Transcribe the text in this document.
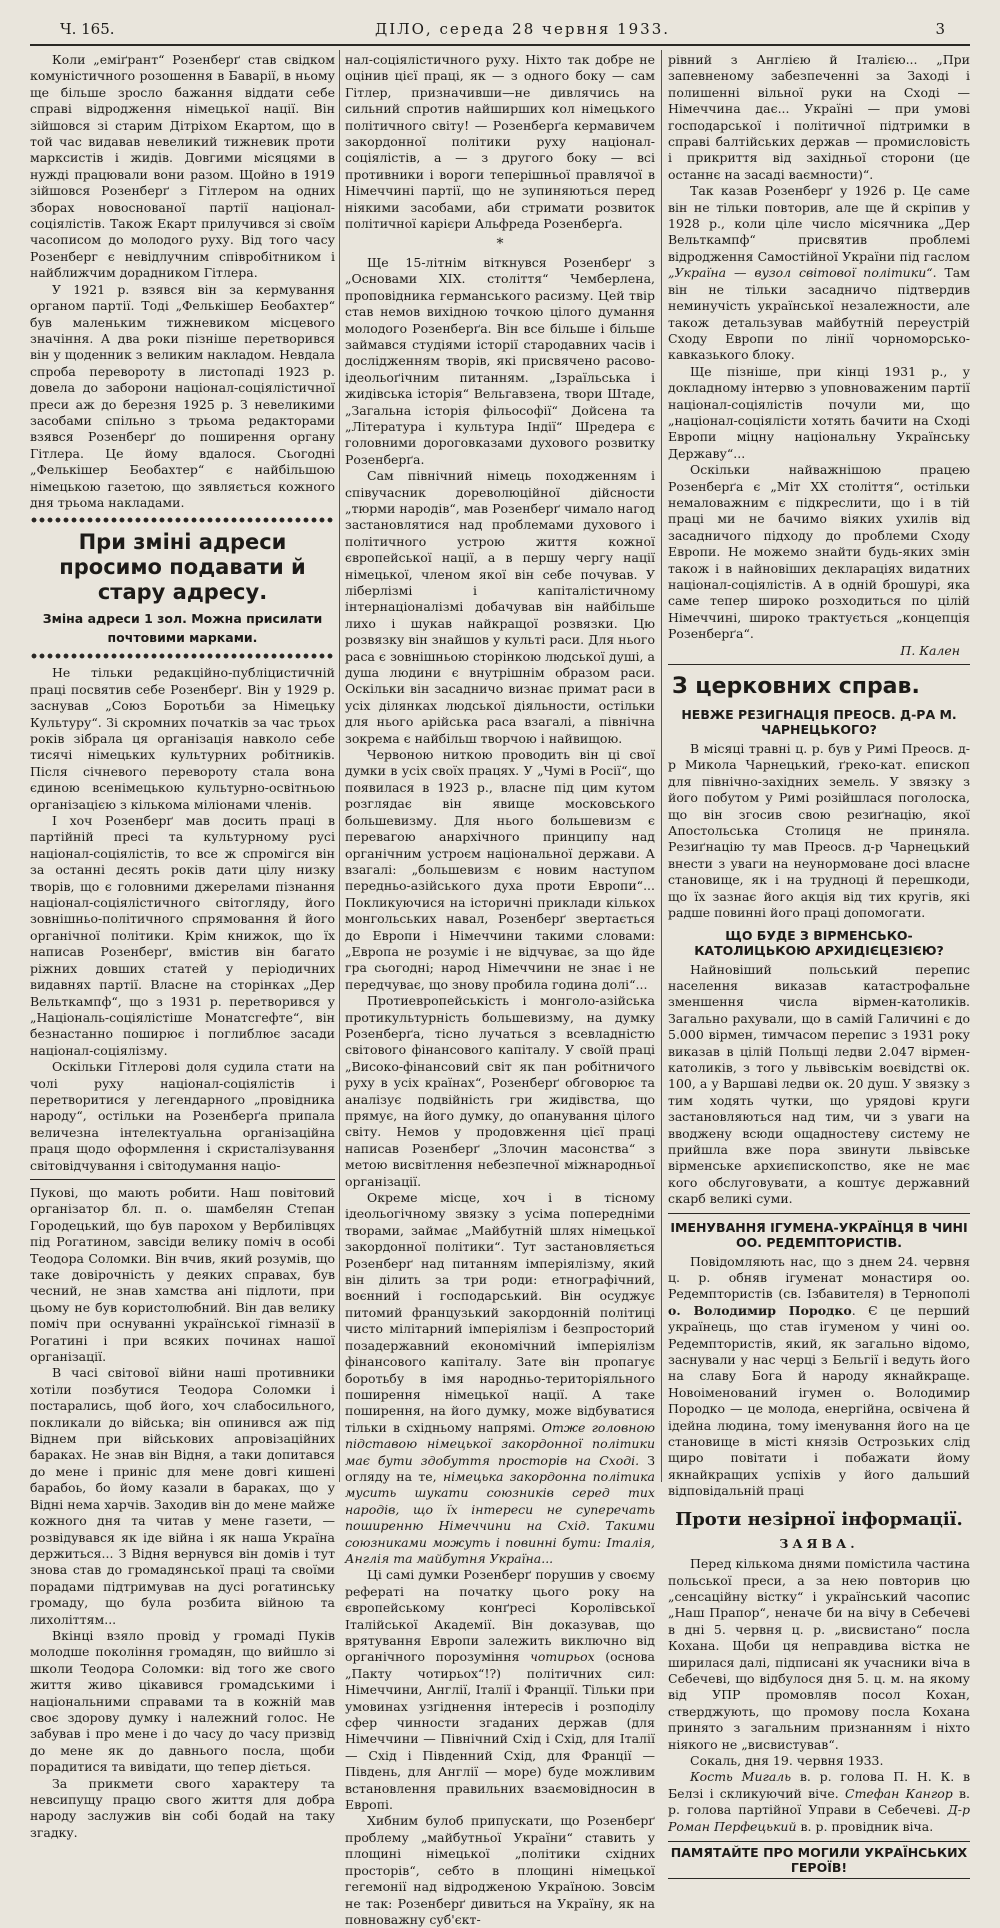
Ч. 165.	ДІЛО, середа 28 червня 1933.	3

Коли „еміґрант“ Розенберґ став свідком комуністичного розошення в Баварії, в ньому ще більше зросло бажання віддати себе справі відродження німецької нації. Він зійшовся зі старим Дітріхом Екартом, що в той час видавав невеликий тижневик проти марксистів і жидів. Довгими місяцями в нужді працювали вони разом. Щойно в 1919 зійшовся Розенберґ з Гітлером на одних зборах новоснованої партії націонал-соціялістів. Також Екарт прилучився зі своїм часописом до молодого руху. Від того часу Розенберг є невідлучним співробітником і найближчим дорадником Гітлера.

У 1921 р. взявся він за кермування органом партії. Тоді „Фелькішер Беобахтер“ був маленьким тижневиком місцевого значіння. А два роки пізніше перетворився він у щоденник з великим накладом. Невдала спроба перевороту в листопаді 1923 р. довела до заборони націонал-соціялістичної преси аж до березня 1925 р. З невеликими засобами спільно з трьома редакторами взявся Розенберґ до поширення органу Гітлера. Це йому вдалося. Сьогодні „Фелькішер Беобахтер“ є найбільшою німецькою газетою, що зявляється кожного дня трьома накладами.

При зміні адреси просимо подавати й стару адресу.
Зміна адреси 1 зол. Можна присилати почтовими марками.

Не тільки редакційно-публіцистичній праці посвятив себе Розенберґ. Він у 1929 р. заснував „Союз Боротьби за Німецьку Культуру“. Зі скромних початків за час трьох років зібрала ця організація навколо себе тисячі німецьких культурних робітників. Після січневого перевороту стала вона єдиною всенімецькою культурно-освітньою організацією з кількома міліонами членів.

І хоч Розенберґ мав досить праці в партійній пресі та культурному русі націонал-соціялістів, то все ж спромігся він за останні десять років дати цілу низку творів, що є головними джерелами пізнання націонал-соціялістичного світогляду, його зовнішньо-політичного спрямовання й його органічної політики. Крім книжок, що їх написав Розенберґ, вмістив він багато ріжних довших статей у періодичних видавнях партії. Власне на сторінках „Дер Вельткампф“, що з 1931 р. перетворився у „Національ-соціялістіше Монатсгефте“, він безнастанно поширює і поглиблює засади націонал-соціялізму.

Оскільки Гітлерові доля судила стати на чолі руху націонал-соціялістів і перетворитися у легендарного „провідника народу“, остільки на Розенберґа припала величезна інтелектуальна організаційна праця щодо оформлення і скристалізування світовідчування і світодумання націо-

Пукові, що мають робити. Наш повітовий організатор бл. п. о. шамбелян Степан Городецький, що був парохом у Вербилівцях під Рогатином, завсіди велику поміч в особі Теодора Соломки. Він вчив, який розумів, що таке довірочність у деяких справах, був чесний, не знав хамства ані підлоти, при цьому не був користолюбний. Він дав велику поміч при оснуванні української гімназії в Рогатині і при всяких починах нашої організації.

В часі світової війни наші противники хотіли позбутися Теодора Соломки і постарались, щоб його, хоч слабосильного, покликали до війська; він опинився аж під Віднем при військових апровізаційних бараках. Не знав він Відня, а таки допитався до мене і приніс для мене довгі кишені барабоь, бо йому казали в бараках, що у Відні нема харчів. Заходив він до мене майже кожного дня та читав у мене газети, — розвідувався як іде війна і як наша Україна держиться... З Відня вернувся він домів і тут знова став до громадянської праці та своїми порадами підтримував на дусі рогатинську громаду, що була розбита війною та лихоліттям...

Вкінці взяло провід у громаді Пуків молодше покоління громадян, що вийшло зі школи Теодора Соломки: від того же свого життя живо цікавився громадськими і національними справами та в кожній мав своє здорову думку і належний голос. Не забував і про мене і до часу до часу призвід до мене як до давнього посла, щоби порадитися та вивідати, що тепер діється.

За прикмети свого характеру та невсипущу працю свого життя для добра народу заслужив він собі бодай на таку згадку.

нал-соціялістичного руху. Ніхто так добре не оцінив цієї праці, як — з одного боку — сам Гітлер, призначивши—не дивлячись на сильний спротив найширших кол німецького політичного світу! — Розенберґа кермавичем закордонної політики руху націонал-соціялістів, а — з другого боку — всі противники і вороги теперішньої правлячої в Німеччині партії, що не зупиняються перед ніякими засобами, аби стримати розвиток політичної карієри Альфреда Розенберґа.

*

Ще 15-літнім віткнувся Розенберґ з „Основами XIX. століття“ Чемберлена, проповідника германського расизму. Цей твір став немов вихідною точкою цілого думання молодого Розенберґа. Він все більше і більше займався студіями історії стародавних часів і дослідженням творів, які присвячено расово-ідеольоґічним питанням. „Ізраїльська і жидівська історія“ Вельгавзена, твори Штаде, „Загальна історія фільософії“ Дойсена та „Література і культура Індії“ Шредера є головними дороговказами духового розвитку Розенберґа.

Сам північний німець походженням і співучасник дореволюційної дійсности „тюрми народів“, мав Розенберґ чимало нагод застановлятися над проблемами духового і політичного устрою життя кожної європейської нації, а в першу чергу нації німецької, членом якої він себе почував. У ліберлізмі і капіталістичному інтернаціоналізмі добачував він найбільше лихо і шукав найкращої розвязки. Цю розвязку він знайшов у культі раси. Для нього раса є зовнішньою сторінкою людської душі, а душа людини є внутрішнім образом раси. Оскільки він засадничо визнає примат раси в усіх ділянках людської діяльности, остільки для нього арійська раса взагалі, а північна зокрема є найбільш творчою і найвищою.

Червоною ниткою проводить він ці свої думки в усіх своїх працях. У „Чумі в Росії“, що появилася в 1923 р., власне під цим кутом розглядає він явище московського большевизму. Для нього большевизм є перевагою анархічного принципу над органічним устроєм національної держави. А взагалі: „большевизм є новим наступом передньо-азійського духа проти Европи“... Покликуючися на історичні приклади кількох монгольських навал, Розенберґ звертається до Европи і Німеччини такими словами: „Европа не розуміє і не відчуває, за що йде гра сьогодні; народ Німеччини не знає і не передчуває, що знову пробила година долі“...

Протиевропейськість і монголо-азійська протикультурність большевизму, на думку Розенберґа, тісно лучаться з всевладністю світового фінансового капіталу. У своїй праці „Високо-фінансовий світ як пан робітничого руху в усіх країнах“, Розенберґ обговорює та аналізує подвійність гри жидівства, що прямує, на його думку, до опанування цілого світу. Немов у продовження цієї праці написав Розенберґ „Злочин масонства“ з метою висвітлення небезпечної міжнародньої організації.

Окреме місце, хоч і в тісному ідеольогічному звязку з усіма попередніми творами, займає „Майбутній шлях німецької закордонної політики“. Тут застановляється Розенберґ над питанням імперіялізму, який він ділить за три роди: етнографічний, воєнний і господарський. Він осуджує питомий французький закордонній політиці чисто мілітарний імперіялізм і безпросторий позадержавний економічний імперіялізм фінансового капіталу. Зате він пропагує боротьбу в імя народньо-територіяльного поширення німецької нації. А таке поширення, на його думку, може відбуватися тільки в східньому напрямі. Отже головною підставою німецької закордонної політики має бути здобуття просторів на Сході. З огляду на те, німецька закордонна політика мусить шукати союзників серед тих народів, що їх інтереси не суперечать поширенню Німеччини на Схід. Такими союзниками можуть і повинні бути: Італія, Англія та майбутня Україна...

Ці самі думки Розенберґ порушив у своєму рефераті на початку цього року на європейському конґресі Королівської Італійської Академії. Він доказував, що врятування Европи залежить виключно від органічного порозуміння чотирьох (основа „Пакту чотирьох“!?) політичних сил: Німеччини, Англії, Італії і Франції. Тільки при умовинах узгіднення інтересів і розподілу сфер чинности згаданих держав (для Німеччини — Північний Схід і Схід, для Італії — Схід і Південний Схід, для Франції — Південь, для Англії — море) буде можливим встановлення правильних взаємовідносин в Европі.

Хибним булоб припускати, що Розенберґ проблему „майбутньої України“ ставить у площині німецької „політики східних просторів“, себто в площині німецької гегемонії над відродженою Україною. Зовсім не так: Розенберґ дивиться на Україну, як на повноважну суб'єкт-

рівний з Англією й Італією... „При запевненому забезпеченні за Заході і полишенні вільної руки на Сході — Німеччина дає... Україні — при умові господарської і політичної підтримки в справі балтійських держав — промисловість і прикриття від західньої сторони (це останнє на засаді ваємности)“.

Так казав Розенберґ у 1926 р. Це саме він не тільки повторив, але ще й скріпив у 1928 р., коли ціле число місячника „Дер Вельткампф“ присвятив проблемі відродження Самостійної України під гаслом „Україна — вузол світової політики“. Там він не тільки засадничо підтвердив неминучість української незалежности, але також детальзував майбутній переустрій Сходу Европи по лінії чорноморсько-кавказького блоку.

Ще пізніше, при кінці 1931 р., у докладному інтервю з уповноваженим партії націонал-соціялістів почули ми, що „націонал-соціялісти хотять бачити на Сході Европи міцну національну Українську Державу“...

Оскільки найважнішою працею Розенберґа є „Міт ХХ століття“, остільки немаловажним є підкреслити, що і в тій праці ми не бачимо віяких ухилів від засадничого підходу до проблеми Сходу Европи. Не можемо знайти будь-яких змін також і в найновіших деклараціях видатних націонал-соціялістів. А в одній брошурі, яка саме тепер широко розходиться по цілій Німеччині, широко трактується „концепція Розенберґа“.

П. Кален
З церковних справ.
НЕВЖЕ РЕЗИГНАЦІЯ ПРЕОСВ. Д-РА М. ЧАРНЕЦЬКОГО?

В місяці травні ц. р. був у Римі Преосв. д-р Микола Чарнецький, ґреко-кат. епископ для північно-західних земель. У звязку з його побутом у Римі розійшлася поголоска, що він згосив свою резиґнацію, якої Апостольська Столиця не приняла. Резиґнацію ту мав Преосв. д-р Чарнецький внести з уваги на неунормоване досі власне становище, як і на трудноці й перешкоди, що їх зазнає його акція від тих кругів, які радше повинні його праці допомогати.

ЩО БУДЕ З ВІРМЕНСЬКО-КАТОЛИЦЬКОЮ АРХИДІЄЦЕЗІЄЮ?

Найновіший польський перепис населення виказав катастрофальне зменшення числа вірмен-католиків. Загально рахували, що в самій Галичині є до 5.000 вірмен, тимчасом перепис з 1931 року виказав в цілій Польщі ледви 2.047 вірмен-католиків, з того у львівськім воєвідстві ок. 100, а у Варшаві ледви ок. 20 душ. У звязку з тим ходять чутки, що урядові круги застановляються над тим, чи з уваги на вводжену всюди ощадностеву систему не прийшла вже пора звинути львівське вірменське архиєпископство, яке не має кого обслуговувати, а коштує державний скарб великі суми.

ІМЕНУВАННЯ ІГУМЕНА-УКРАЇНЦЯ В ЧИНІ ОО. РЕДЕМПТОРИСТІВ.

Повідомляють нас, що з днем 24. червня ц. р. обняв ігуменат монастиря оо. Редемптористів (св. Ізбавителя) в Тернополі о. Володимир Породко. Є це перший українець, що став ігуменом у чині оо. Редемптористів, який, як загально відомо, заснували у нас черці з Бельгії і ведуть його на славу Бога й народу якнайкраще. Новоіменований ігумен о. Володимир Породко — це молода, енергійна, освічена й ідейна людина, тому іменування його на це становище в місті князів Острозьких слід щиро повітати і побажати йому якнайкращих успіхів у його дальший відповідальній праці

Проти незірної інформації.
ЗАЯВА.

Перед кількома днями помістила частина польської преси, а за нею повторив цю „сенсаційну вістку“ і український часопис „Наш Прапор“, неначе би на вічу в Себечеві в дні 5. червня ц. р. „висвистано“ посла Кохана. Щоби ця неправдива вістка не ширилася далі, підписані як учасники віча в Себечеві, що відбулося дня 5. ц. м. на якому від УПР промовляв посол Кохан, стверджують, що промову посла Кохана принято з загальним признанням і ніхто ніякого не „висвистував“.

Сокаль, дня 19. червня 1933.

Кость Мигаль в. р. голова П. Н. К. в Белзі і скликуючий віче. Стефан Кангор в. р. голова партійної Управи в Себечеві. Д-р Роман Перфецький в. р. провідник віча.

ПАМЯТАЙТЕ ПРО МОГИЛИ УКРАЇНСЬКИХ ГЕРОЇВ!
